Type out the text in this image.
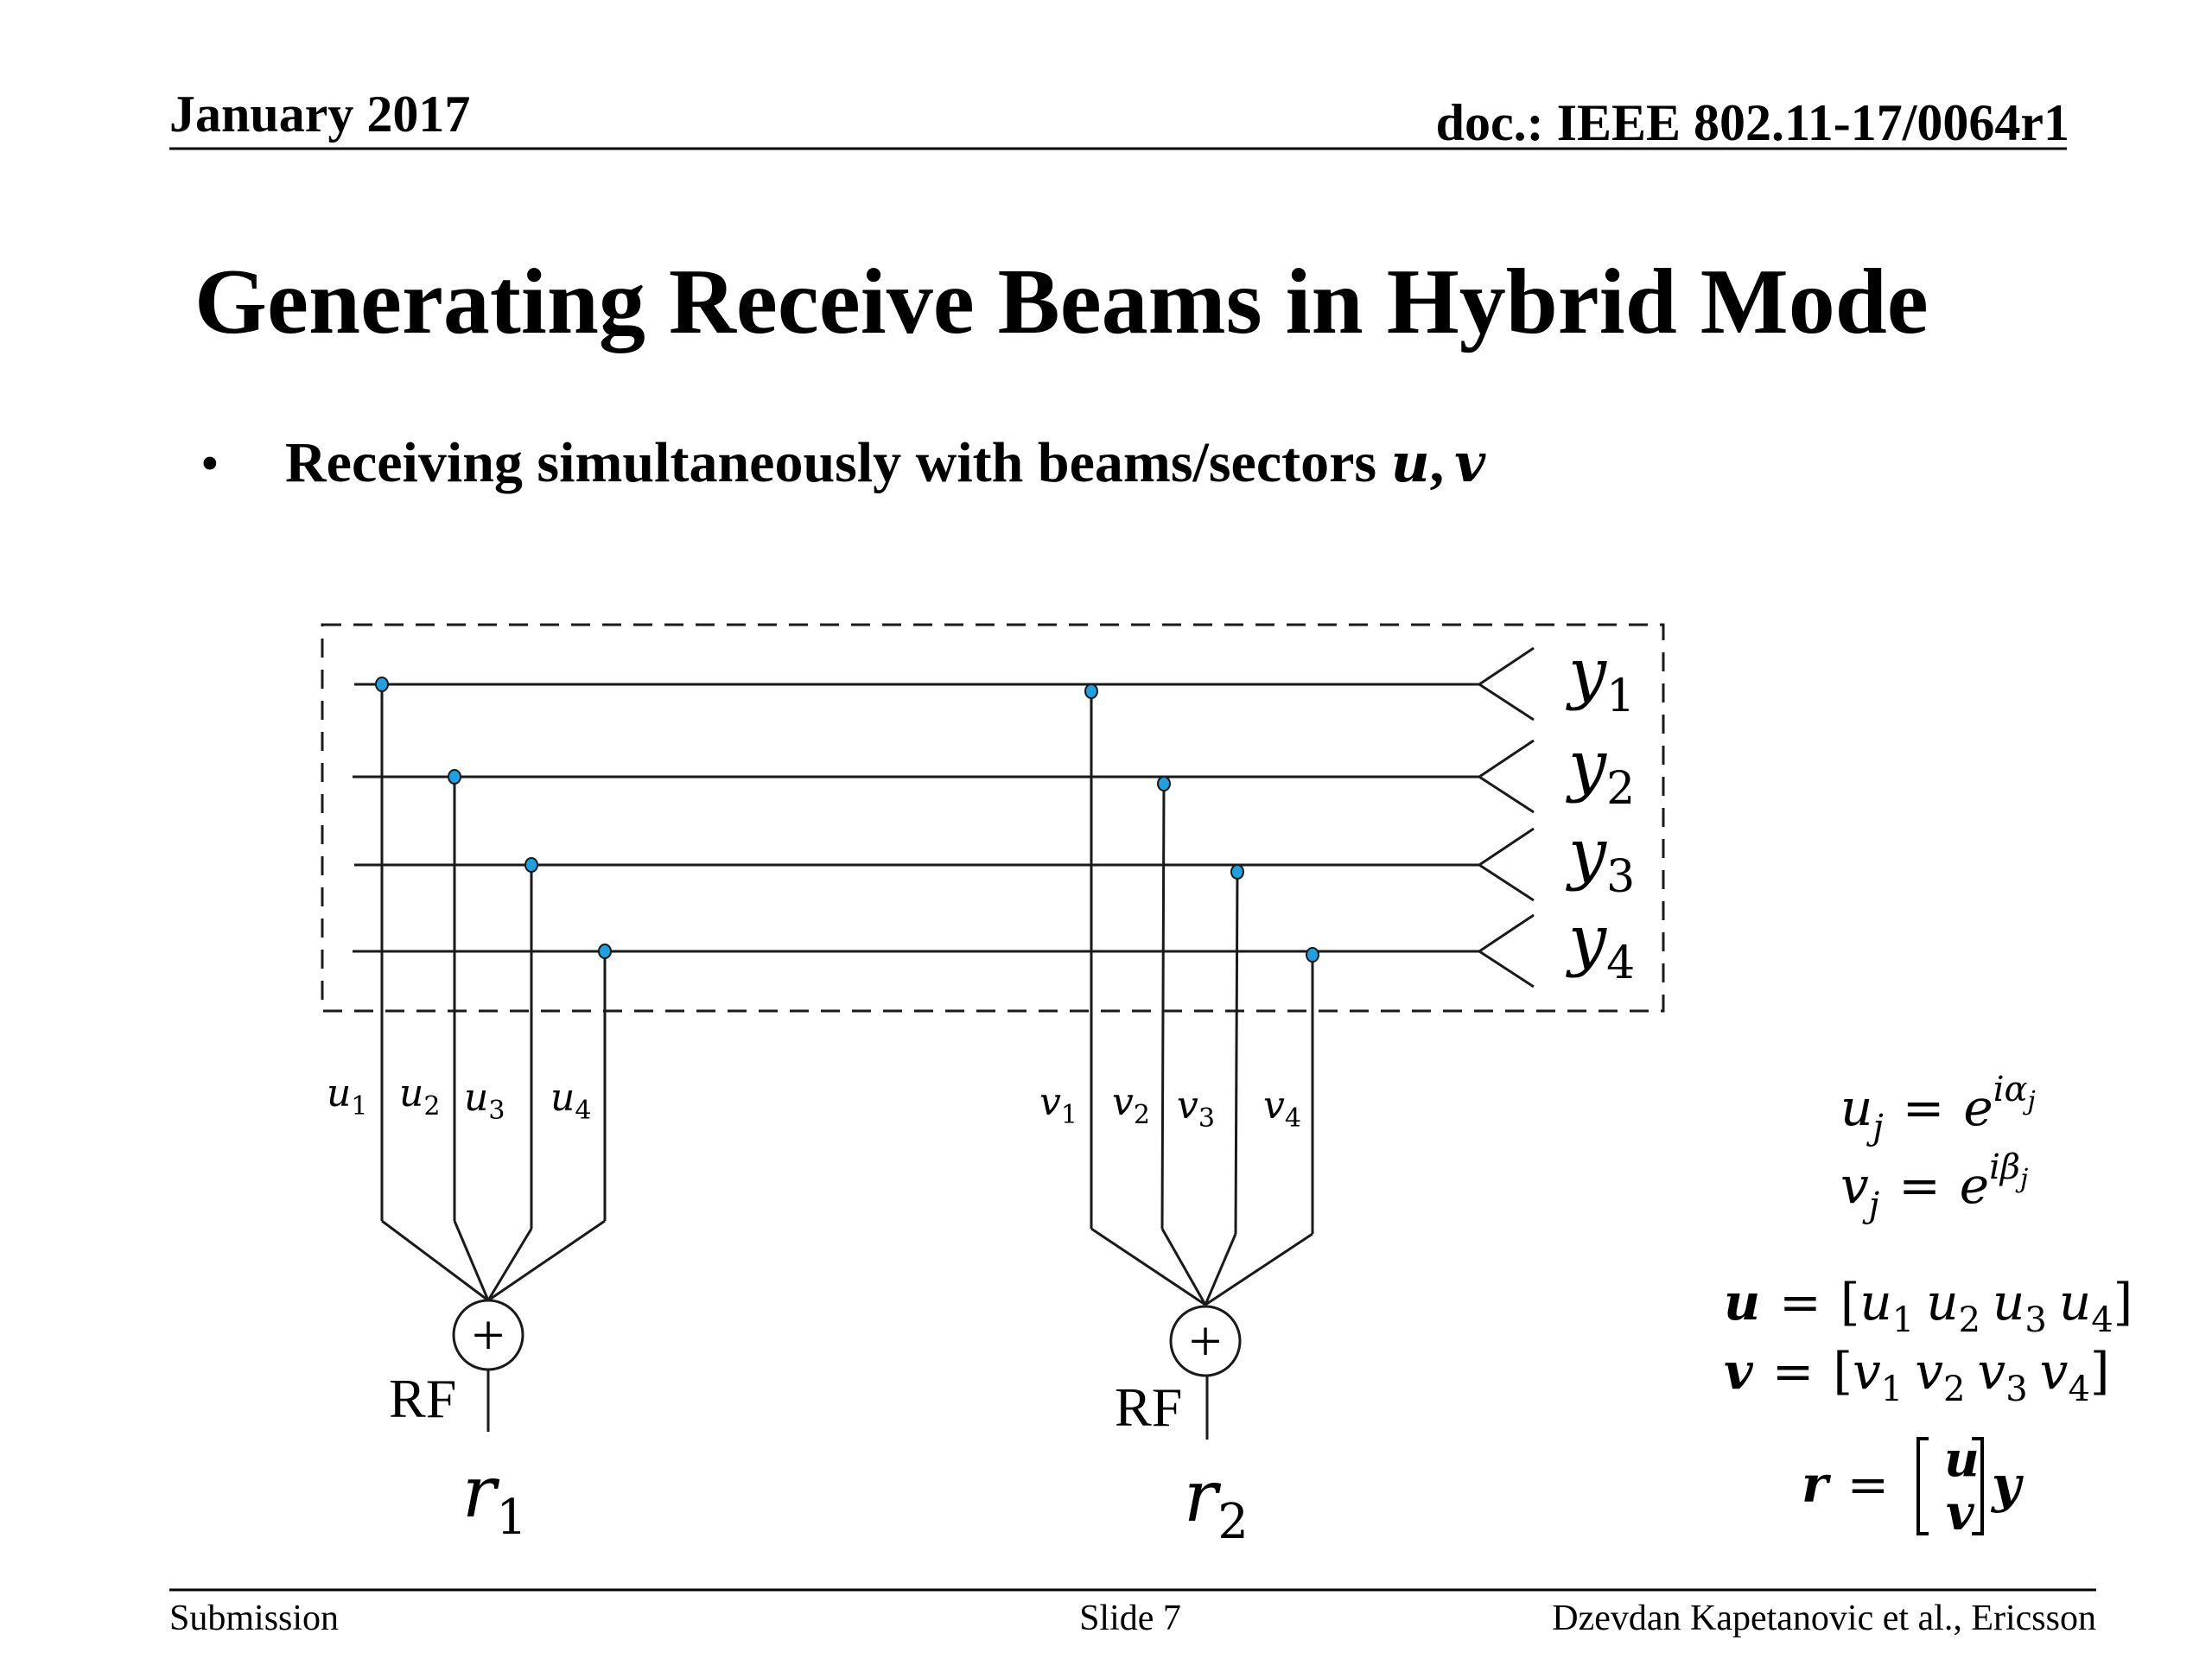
January 2017	doc.: IEEE 802.11-17/0064r1
Generating Receive Beams in Hybrid Mode
• Receiving simultaneously with beams/sectors u, v
$y_1$
$y_2$
$y_3$
$y_4$
$u_1$ $u_2$ $u_3$ $u_4$	$v_1$ $v_2$ $v_3$ $v_4$
+	+
RF	RF
$r_1$	$r_2$
$u_j = e^{i\alpha}j$
$v_j = e^{i\beta}j$
$u = [u_1$ $u_2$ $u_3$ $u_4$]
$v = [v_1$ $v_2$ $v_3$ $v_4$]
r = u
v y
Submission	Slide 7	Dzevdan Kapetanovic et al., Ericsson
